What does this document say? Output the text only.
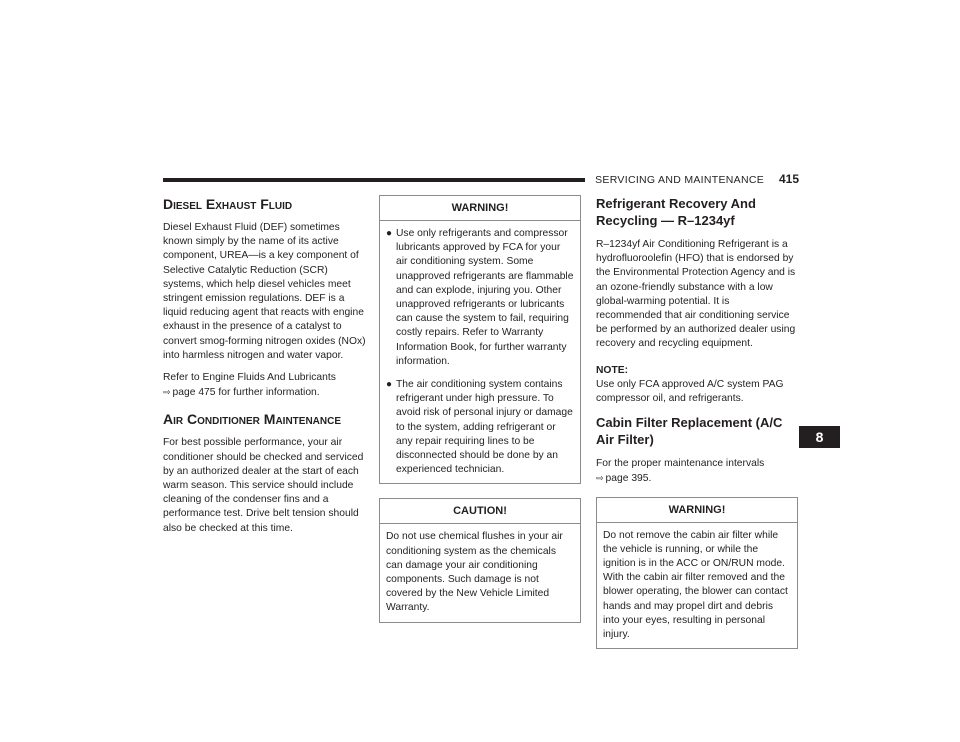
SERVICING AND MAINTENANCE 415
Diesel Exhaust Fluid

Diesel Exhaust Fluid (DEF) sometimes known simply by the name of its active component, UREA—is a key component of Selective Catalytic Reduction (SCR) systems, which help diesel vehicles meet stringent emission regulations. DEF is a liquid reducing agent that reacts with engine exhaust in the presence of a catalyst to convert smog-forming nitrogen oxides (NOx) into harmless nitrogen and water vapor.

Refer to Engine Fluids And Lubricants
⇨ page 475 for further information.

Air Conditioner Maintenance

For best possible performance, your air conditioner should be checked and serviced by an authorized dealer at the start of each warm season. This service should include cleaning of the condenser fins and a performance test. Drive belt tension should also be checked at this time.

WARNING!
● Use only refrigerants and compressor lubricants approved by FCA for your air conditioning system. Some unapproved refrigerants are flammable and can explode, injuring you. Other unapproved refrigerants or lubricants can cause the system to fail, requiring costly repairs. Refer to Warranty Information Book, for further warranty information.
● The air conditioning system contains refrigerant under high pressure. To avoid risk of personal injury or damage to the system, adding refrigerant or any repair requiring lines to be disconnected should be done by an experienced technician.
CAUTION!

Do not use chemical flushes in your air conditioning system as the chemicals can damage your air conditioning components. Such damage is not covered by the New Vehicle Limited Warranty.

Refrigerant Recovery And Recycling — R–1234yf

R–1234yf Air Conditioning Refrigerant is a hydrofluoroolefin (HFO) that is endorsed by the Environmental Protection Agency and is an ozone-friendly substance with a low global-warming potential. It is recommended that air conditioning service be performed by an authorized dealer using recovery and recycling equipment.

NOTE:
Use only FCA approved A/C system PAG compressor oil, and refrigerants.

Cabin Filter Replacement (A/C Air Filter)

For the proper maintenance intervals
⇨ page 395.

WARNING!

Do not remove the cabin air filter while the vehicle is running, or while the ignition is in the ACC or ON/RUN mode. With the cabin air filter removed and the blower operating, the blower can contact hands and may propel dirt and debris into your eyes, resulting in personal injury.

8
